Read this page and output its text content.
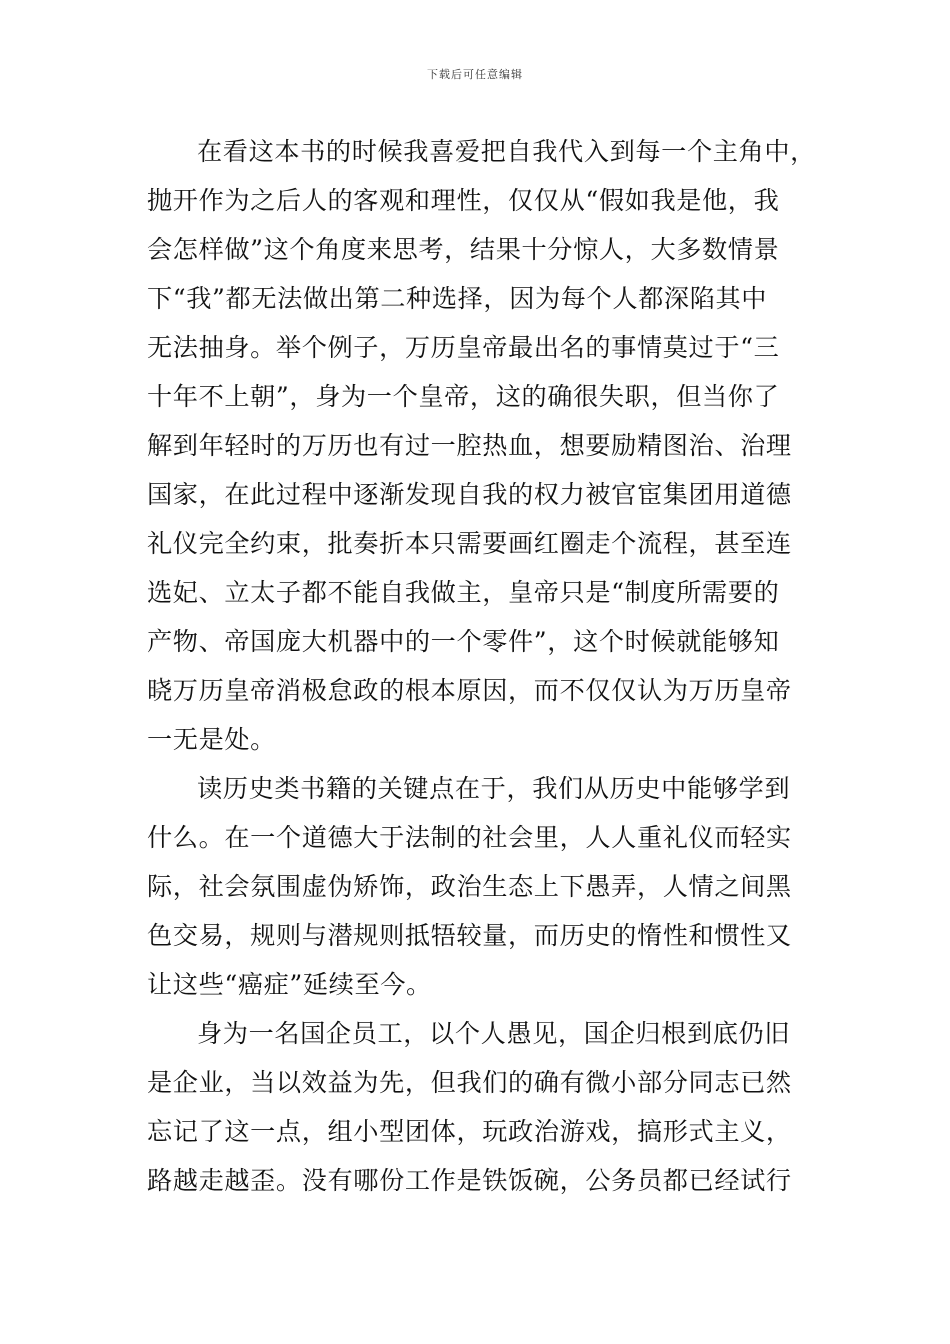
下载后可任意编辑
在看这本书的时候我喜爱把自我代入到每一个主角中，
抛开作为之后人的客观和理性，仅仅从“假如我是他，我
会怎样做”这个角度来思考，结果十分惊人，大多数情景
下“我”都无法做出第二种选择，因为每个人都深陷其中
无法抽身。举个例子，万历皇帝最出名的事情莫过于“三
十年不上朝”，身为一个皇帝，这的确很失职，但当你了
解到年轻时的万历也有过一腔热血，想要励精图治、治理
国家，在此过程中逐渐发现自我的权力被官宦集团用道德
礼仪完全约束，批奏折本只需要画红圈走个流程，甚至连
选妃、立太子都不能自我做主，皇帝只是“制度所需要的
产物、帝国庞大机器中的一个零件”，这个时候就能够知
晓万历皇帝消极怠政的根本原因，而不仅仅认为万历皇帝
一无是处。
读历史类书籍的关键点在于，我们从历史中能够学到
什么。在一个道德大于法制的社会里，人人重礼仪而轻实
际，社会氛围虚伪矫饰，政治生态上下愚弄，人情之间黑
色交易，规则与潜规则抵牾较量，而历史的惰性和惯性又
让这些“癌症”延续至今。
身为一名国企员工，以个人愚见，国企归根到底仍旧
是企业，当以效益为先，但我们的确有微小部分同志已然
忘记了这一点，组小型团体，玩政治游戏，搞形式主义，
路越走越歪。没有哪份工作是铁饭碗，公务员都已经试行
